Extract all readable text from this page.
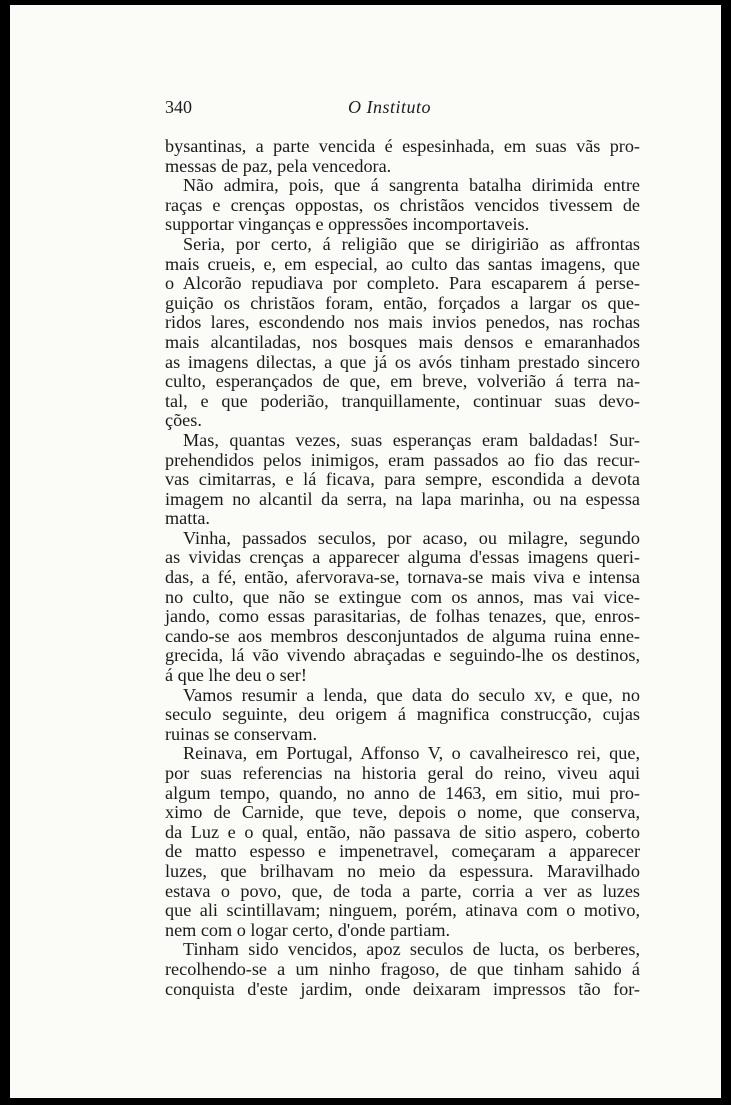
340	O Instituto
bysantinas, a parte vencida é espesinhada, em suas vãs pro-
messas de paz, pela vencedora.
Não admira, pois, que á sangrenta batalha dirimida entre
raças e crenças oppostas, os christãos vencidos tivessem de
supportar vinganças e oppressões incomportaveis.
Seria, por certo, á religião que se dirigirião as affrontas
mais crueis, e, em especial, ao culto das santas imagens, que
o Alcorão repudiava por completo. Para escaparem á perse-
guição os christãos foram, então, forçados a largar os que-
ridos lares, escondendo nos mais invios penedos, nas rochas
mais alcantiladas, nos bosques mais densos e emaranhados
as imagens dilectas, a que já os avós tinham prestado sincero
culto, esperançados de que, em breve, volverião á terra na-
tal, e que poderião, tranquillamente, continuar suas devo-
ções.
Mas, quantas vezes, suas esperanças eram baldadas! Sur-
prehendidos pelos inimigos, eram passados ao fio das recur-
vas cimitarras, e lá ficava, para sempre, escondida a devota
imagem no alcantil da serra, na lapa marinha, ou na espessa
matta.
Vinha, passados seculos, por acaso, ou milagre, segundo
as vividas crenças a apparecer alguma d'essas imagens queri-
das, a fé, então, afervorava-se, tornava-se mais viva e intensa
no culto, que não se extingue com os annos, mas vai vice-
jando, como essas parasitarias, de folhas tenazes, que, enros-
cando-se aos membros desconjuntados de alguma ruina enne-
grecida, lá vão vivendo abraçadas e seguindo-lhe os destinos,
á que lhe deu o ser!
Vamos resumir a lenda, que data do seculo xv, e que, no
seculo seguinte, deu origem á magnifica construcção, cujas
ruinas se conservam.
Reinava, em Portugal, Affonso V, o cavalheiresco rei, que,
por suas referencias na historia geral do reino, viveu aqui
algum tempo, quando, no anno de 1463, em sitio, mui pro-
ximo de Carnide, que teve, depois o nome, que conserva,
da Luz e o qual, então, não passava de sitio aspero, coberto
de matto espesso e impenetravel, começaram a apparecer
luzes, que brilhavam no meio da espessura. Maravilhado
estava o povo, que, de toda a parte, corria a ver as luzes
que ali scintillavam; ninguem, porém, atinava com o motivo,
nem com o logar certo, d'onde partiam.
Tinham sido vencidos, apoz seculos de lucta, os berberes,
recolhendo-se a um ninho fragoso, de que tinham sahido á
conquista d'este jardim, onde deixaram impressos tão for-
